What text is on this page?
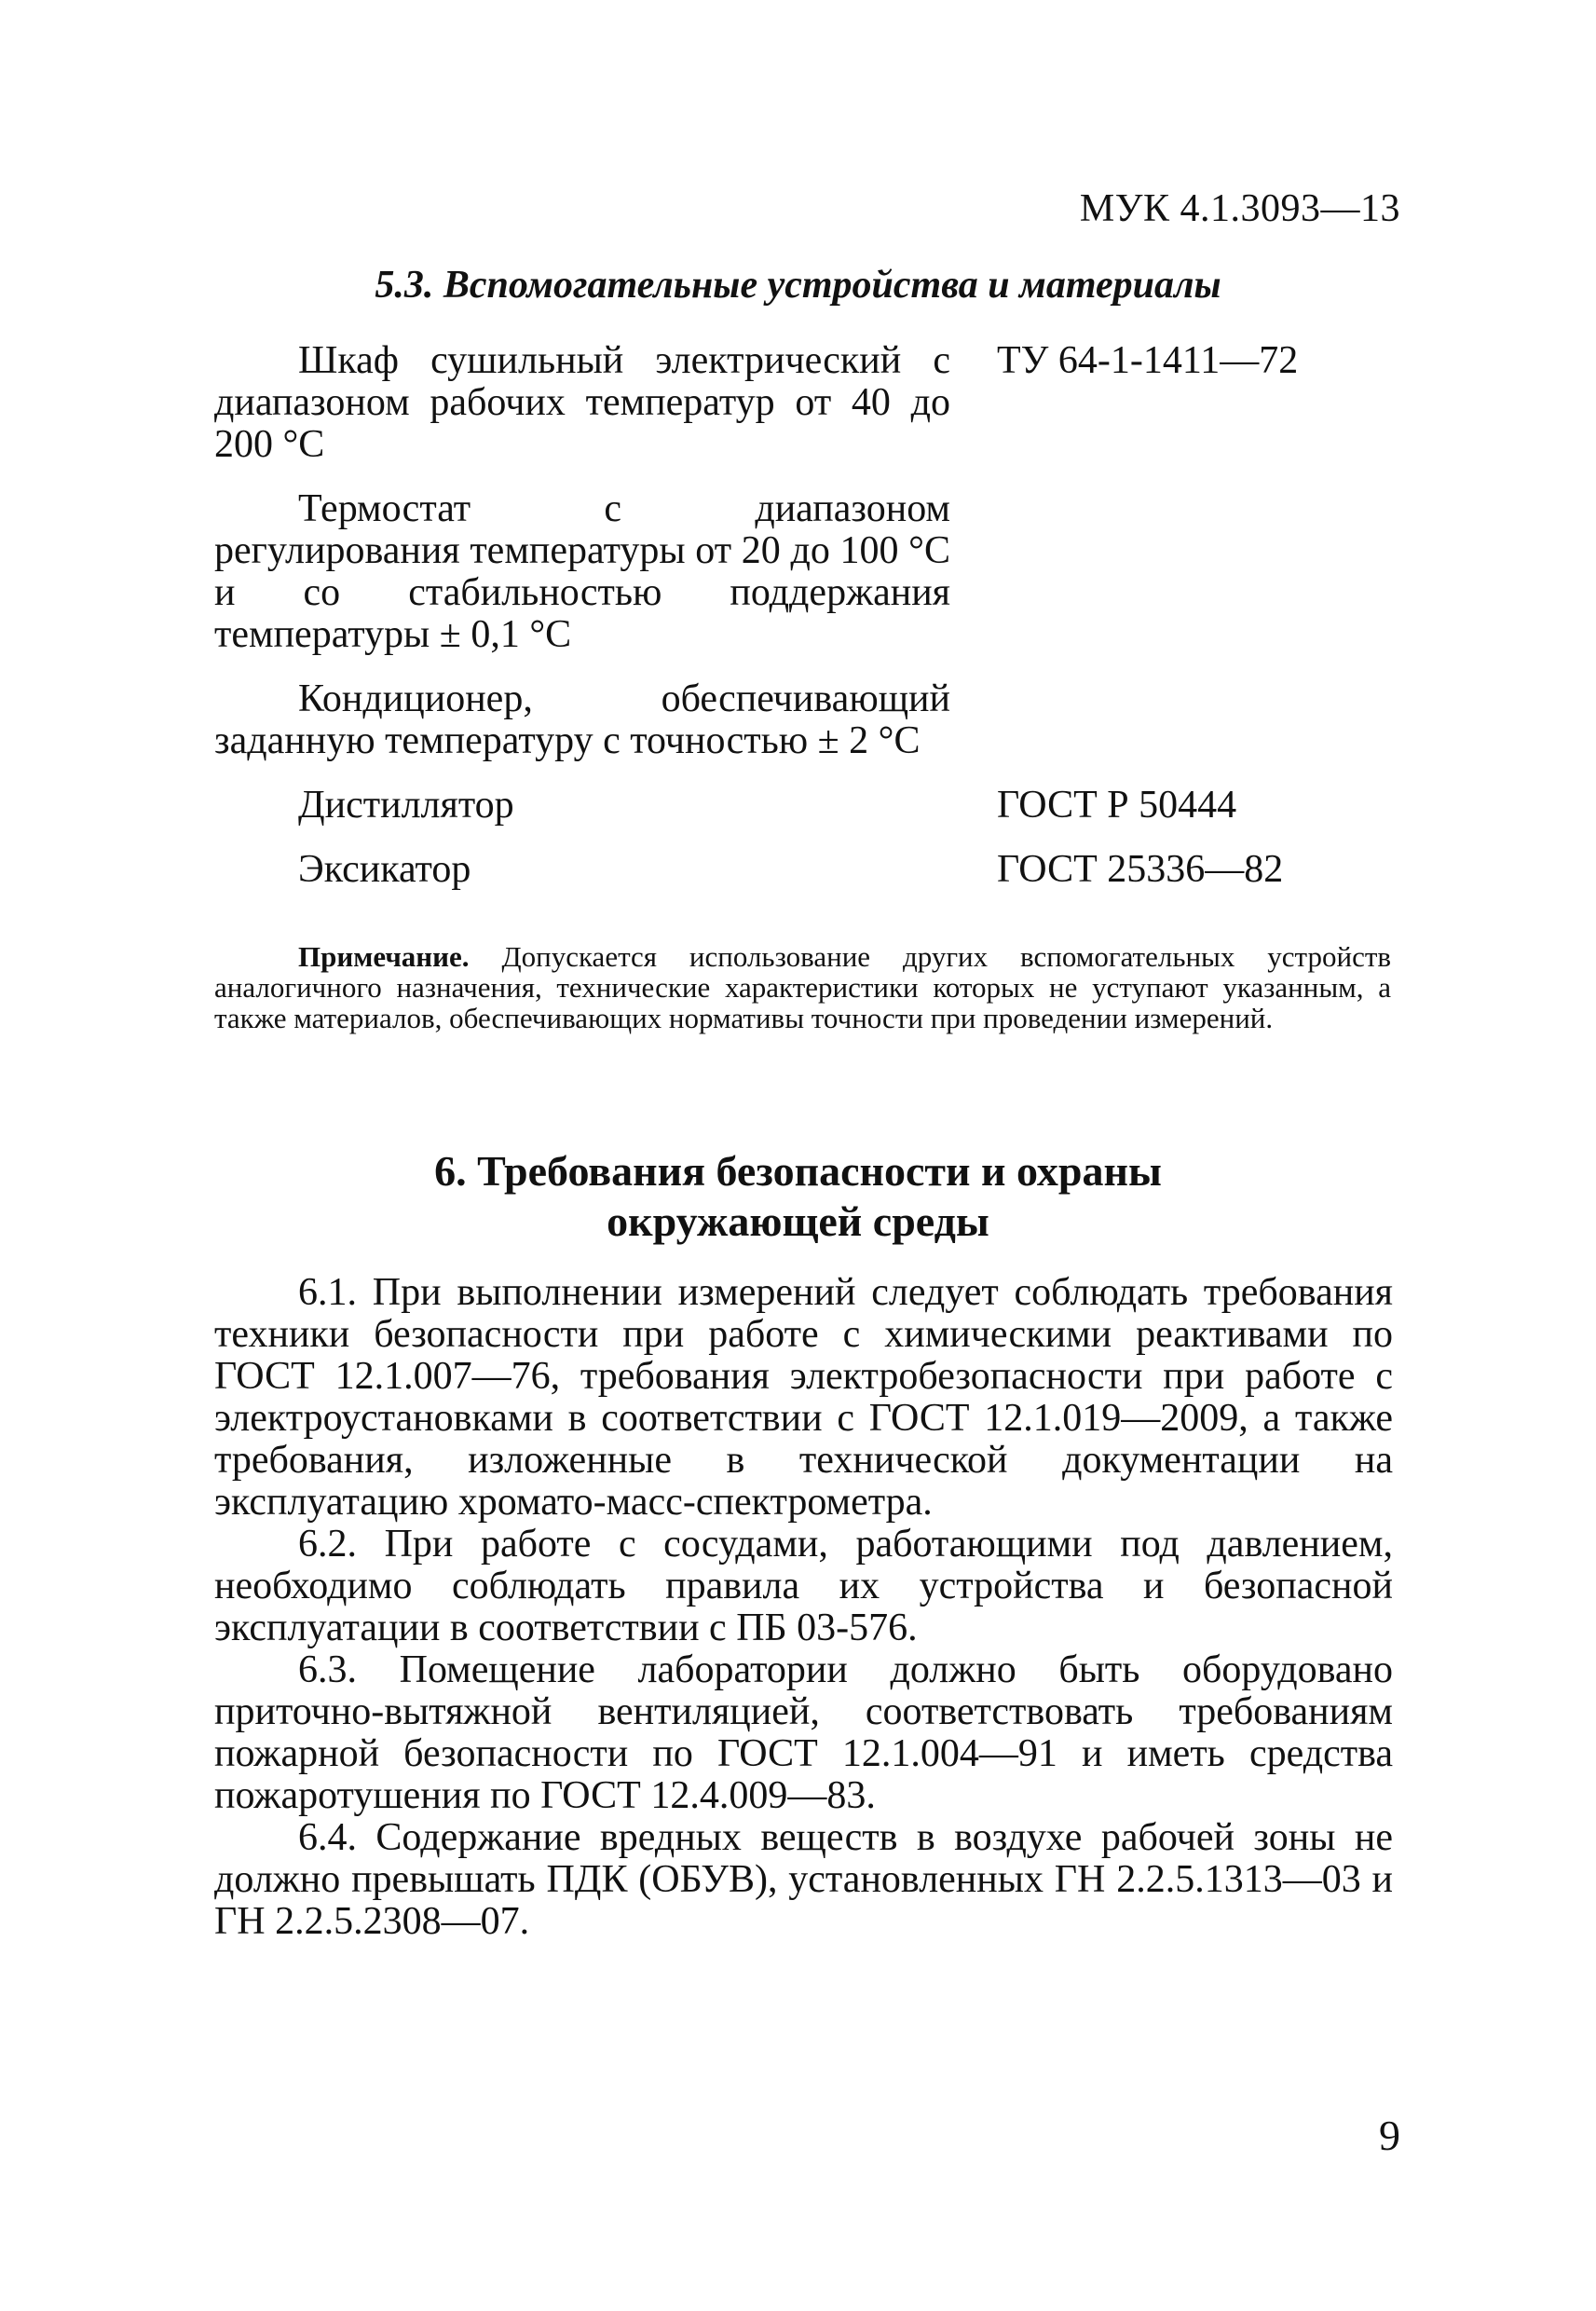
МУК 4.1.3093—13
5.3. Вспомогательные устройства и материалы
Шкаф сушильный электрический с диапазоном рабочих температур от 40 до 200 °С
ТУ 64-1-1411—72
Термостат с диапазоном регулирования температуры от 20 до 100 °С и со стабильностью поддержания температуры ± 0,1 °С
Кондиционер, обеспечивающий заданную температуру с точностью ± 2 °С
Дистиллятор	ГОСТ Р 50444
Эксикатор	ГОСТ 25336—82
Примечание. Допускается использование других вспомогательных устройств аналогичного назначения, технические характеристики которых не уступают указанным, а также материалов, обеспечивающих нормативы точности при проведении измерений.
6. Требования безопасности и охраны
окружающей среды

6.1. При выполнении измерений следует соблюдать требования техники безопасности при работе с химическими реактивами по ГОСТ 12.1.007—76, требования электробезопасности при работе с электроустановками в соответствии с ГОСТ 12.1.019—2009, а также требования, изложенные в технической документации на эксплуатацию хромато-масс-спектрометра.

6.2. При работе с сосудами, работающими под давлением, необходимо соблюдать правила их устройства и безопасной эксплуатации в соответствии с ПБ 03-576.

6.3. Помещение лаборатории должно быть оборудовано приточно-вытяжной вентиляцией, соответствовать требованиям пожарной безопасности по ГОСТ 12.1.004—91 и иметь средства пожаротушения по ГОСТ 12.4.009—83.

6.4. Содержание вредных веществ в воздухе рабочей зоны не должно превышать ПДК (ОБУВ), установленных ГН 2.2.5.1313—03 и ГН 2.2.5.2308—07.

9
